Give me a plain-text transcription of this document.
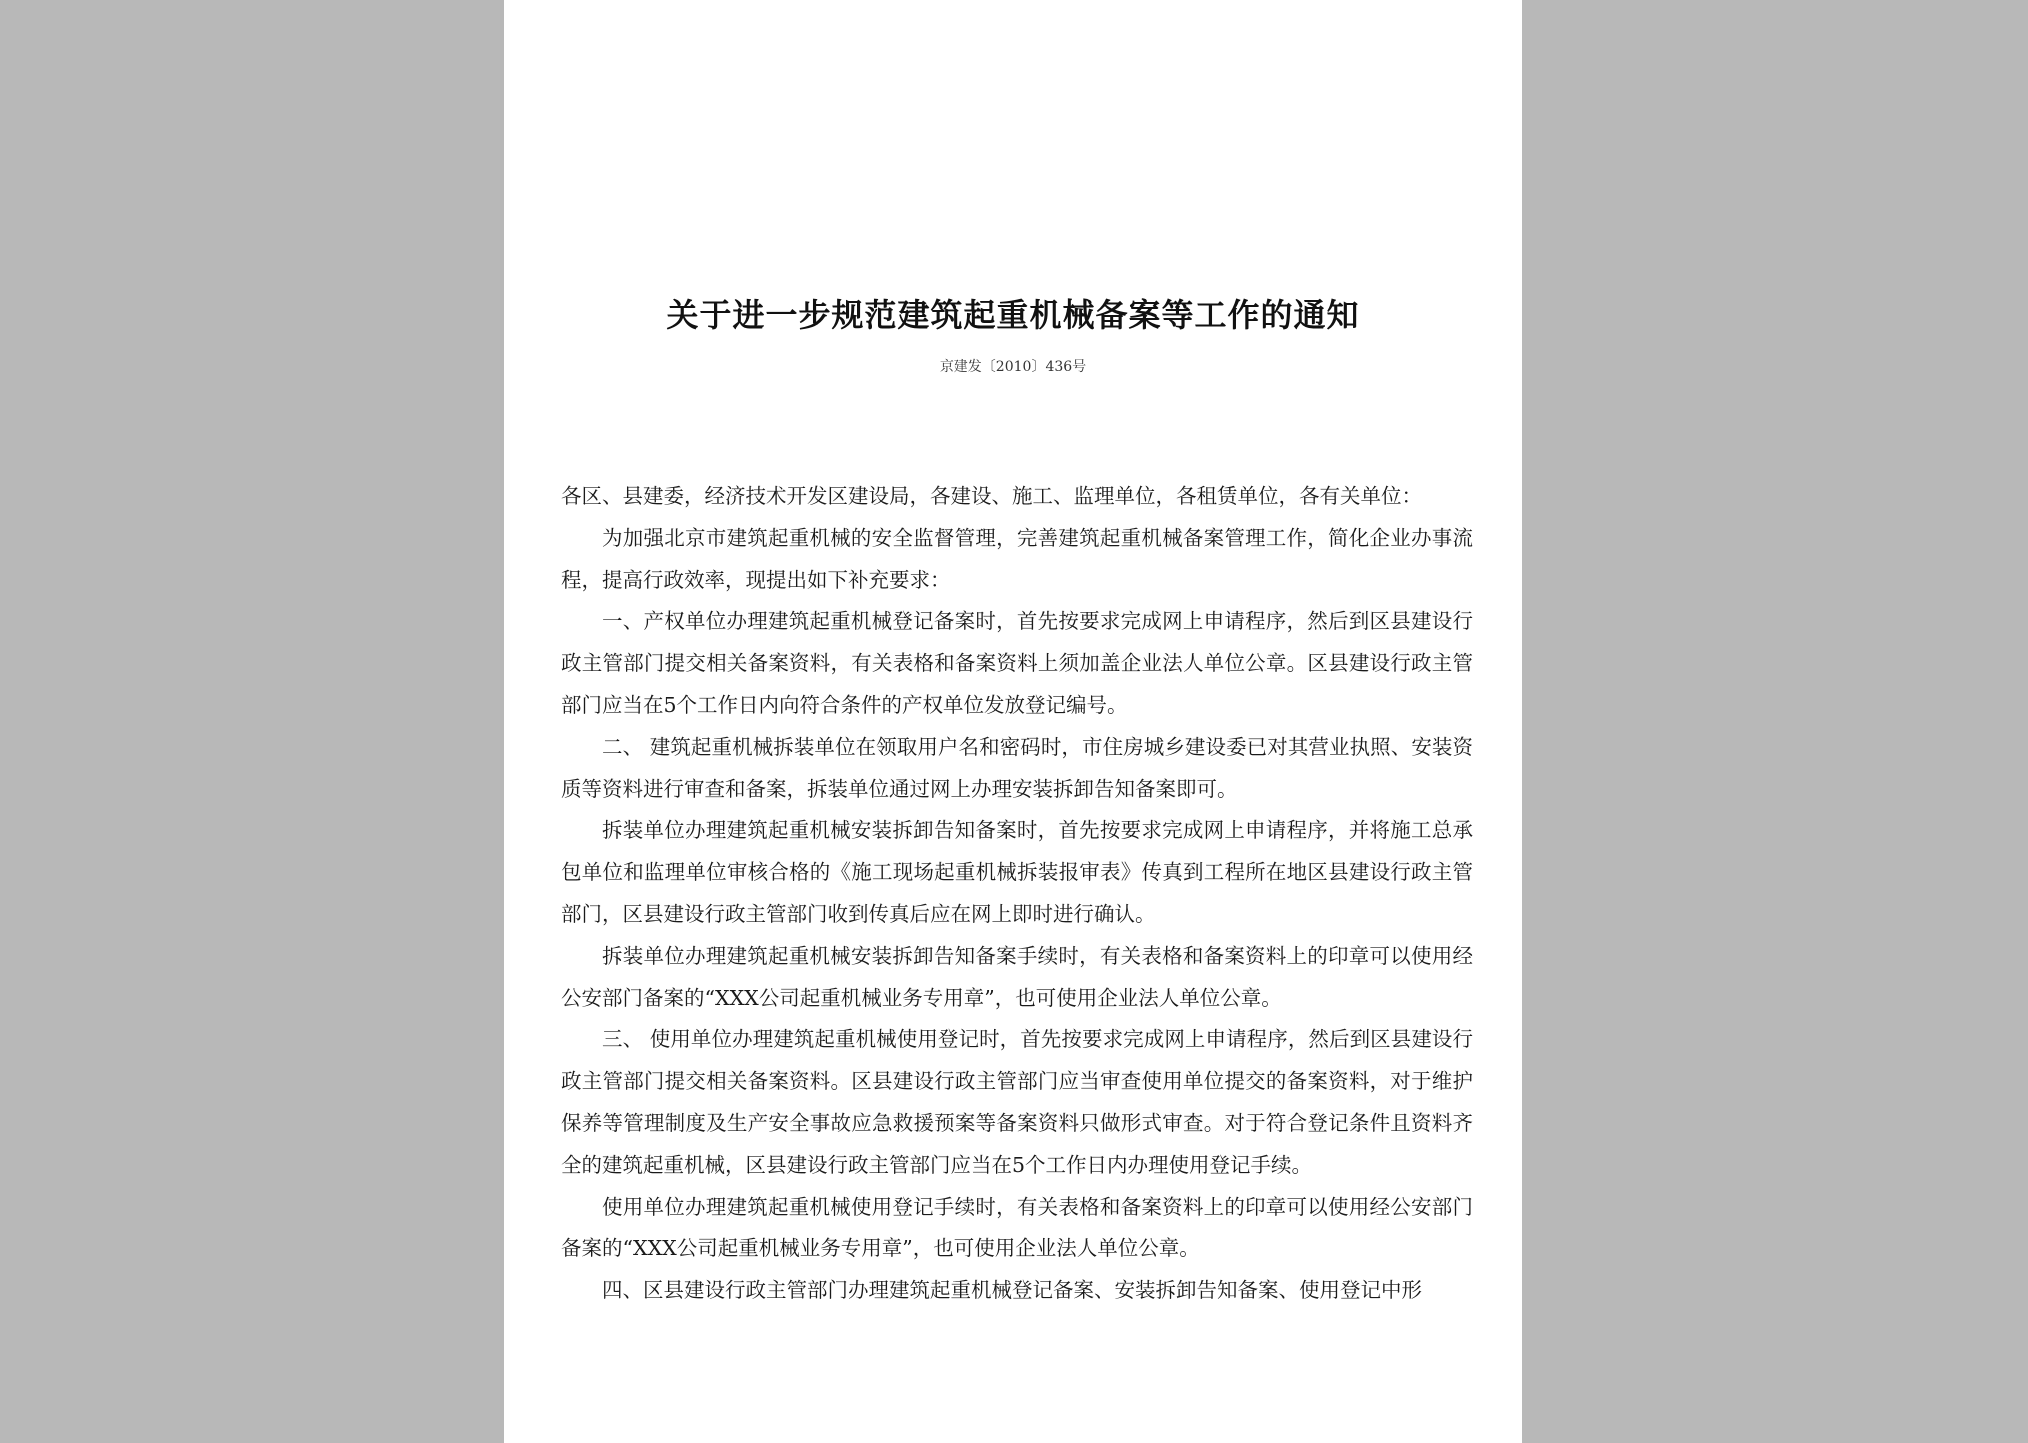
关于进一步规范建筑起重机械备案等工作的通知
京建发〔2010〕436号

各区、县建委，经济技术开发区建设局，各建设、施工、监理单位，各租赁单位，各有关单位：

为加强北京市建筑起重机械的安全监督管理，完善建筑起重机械备案管理工作，简化企业办事流程，提高行政效率，现提出如下补充要求：

一、产权单位办理建筑起重机械登记备案时，首先按要求完成网上申请程序，然后到区县建设行政主管部门提交相关备案资料，有关表格和备案资料上须加盖企业法人单位公章。区县建设行政主管部门应当在5个工作日内向符合条件的产权单位发放登记编号。

二、 建筑起重机械拆装单位在领取用户名和密码时，市住房城乡建设委已对其营业执照、安装资质等资料进行审查和备案，拆装单位通过网上办理安装拆卸告知备案即可。

拆装单位办理建筑起重机械安装拆卸告知备案时，首先按要求完成网上申请程序，并将施工总承包单位和监理单位审核合格的《施工现场起重机械拆装报审表》传真到工程所在地区县建设行政主管部门，区县建设行政主管部门收到传真后应在网上即时进行确认。

拆装单位办理建筑起重机械安装拆卸告知备案手续时，有关表格和备案资料上的印章可以使用经公安部门备案的“XXX公司起重机械业务专用章”，也可使用企业法人单位公章。

三、 使用单位办理建筑起重机械使用登记时，首先按要求完成网上申请程序，然后到区县建设行政主管部门提交相关备案资料。区县建设行政主管部门应当审查使用单位提交的备案资料，对于维护保养等管理制度及生产安全事故应急救援预案等备案资料只做形式审查。对于符合登记条件且资料齐全的建筑起重机械，区县建设行政主管部门应当在5个工作日内办理使用登记手续。

使用单位办理建筑起重机械使用登记手续时，有关表格和备案资料上的印章可以使用经公安部门备案的“XXX公司起重机械业务专用章”，也可使用企业法人单位公章。

四、区县建设行政主管部门办理建筑起重机械登记备案、安装拆卸告知备案、使用登记中形
